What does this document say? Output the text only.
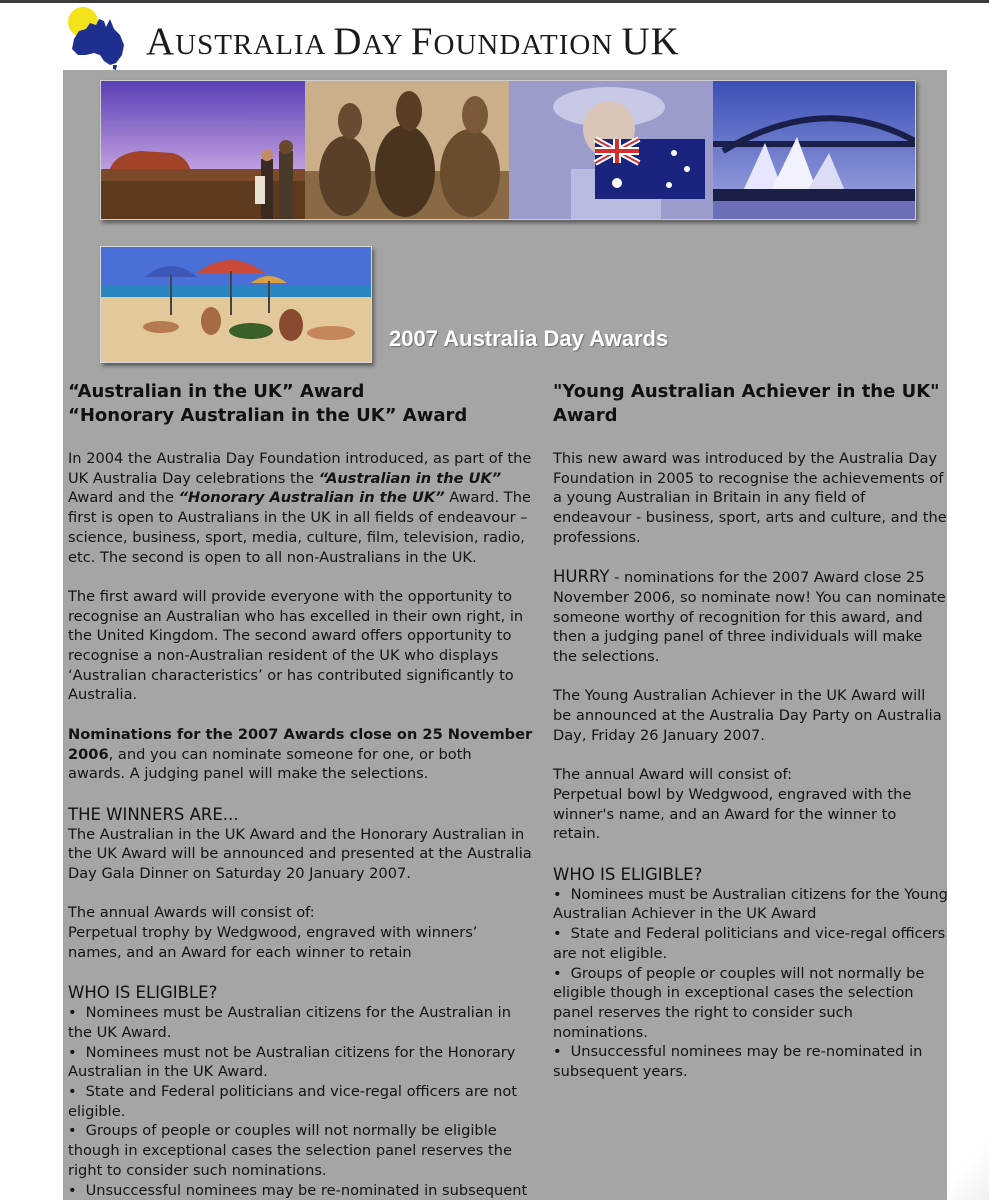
AUSTRALIA DAY FOUNDATION UK
2007 Australia Day Awards
“Australian in the UK” Award
“Honorary Australian in the UK” Award

In 2004 the Australia Day Foundation introduced, as part of the UK Australia Day celebrations the “Australian in the UK” Award and the “Honorary Australian in the UK” Award. The first is open to Australians in the UK in all fields of endeavour – science, business, sport, media, culture, film, television, radio, etc. The second is open to all non-Australians in the UK.

The first award will provide everyone with the opportunity to recognise an Australian who has excelled in their own right, in the United Kingdom. The second award offers opportunity to recognise a non-Australian resident of the UK who displays ‘Australian characteristics’ or has contributed significantly to Australia.

Nominations for the 2007 Awards close on 25 November 2006, and you can nominate someone for one, or both awards. A judging panel will make the selections.

THE WINNERS ARE...

The Australian in the UK Award and the Honorary Australian in the UK Award will be announced and presented at the Australia Day Gala Dinner on Saturday 20 January 2007.

The annual Awards will consist of:

Perpetual trophy by Wedgwood, engraved with winners’ names, and an Award for each winner to retain

WHO IS ELIGIBLE?
• Nominees must be Australian citizens for the Australian in the UK Award.
• Nominees must not be Australian citizens for the Honorary Australian in the UK Award.
• State and Federal politicians and vice-regal officers are not eligible.
• Groups of people or couples will not normally be eligible though in exceptional cases the selection panel reserves the right to consider such nominations.
• Unsuccessful nominees may be re-nominated in subsequent
"Young Australian Achiever in the UK" Award

This new award was introduced by the Australia Day Foundation in 2005 to recognise the achievements of a young Australian in Britain in any field of endeavour - business, sport, arts and culture, and the professions.

HURRY - nominations for the 2007 Award close 25 November 2006, so nominate now! You can nominate someone worthy of recognition for this award, and then a judging panel of three individuals will make the selections.

The Young Australian Achiever in the UK Award will be announced at the Australia Day Party on Australia Day, Friday 26 January 2007.

The annual Award will consist of:

Perpetual bowl by Wedgwood, engraved with the winner's name, and an Award for the winner to retain.

WHO IS ELIGIBLE?
• Nominees must be Australian citizens for the Young Australian Achiever in the UK Award
• State and Federal politicians and vice-regal officers are not eligible.
• Groups of people or couples will not normally be eligible though in exceptional cases the selection panel reserves the right to consider such nominations.
• Unsuccessful nominees may be re-nominated in subsequent years.
